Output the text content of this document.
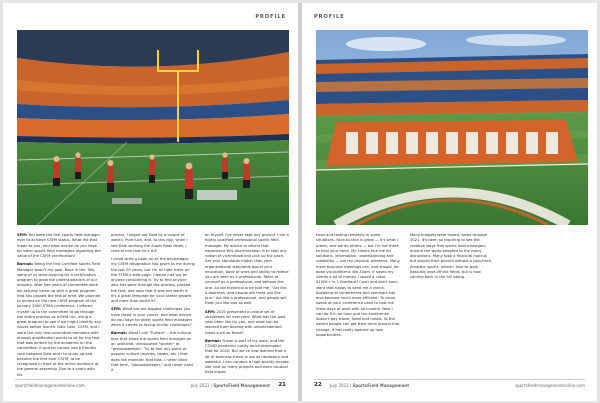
PROFILE

SFM: You were the first sports field manager ever to achieve CSFM status. What did that mean to you, and what advice do you have for other sports field managers regarding the value of the CSFM certification?

Barnak: Being the first Certified Sports Field Manager wasn't my goal. Back in the '90s, some of us were pushing for a certification program to grow the professionalism of our industry. After two years of committee work, we actually came up with a great program that has passed the test of time. We planned to announce the new CSFM program at the January 2000 STMA conference. I offered myself up to the committee to go through the entire process as a field run, using a great program to see if we might identify any issues before launch. Dale Getz, CSFM, and I were the only two committee members with enough qualification points to sit for the test that was written by the academic on the committee. It quickly turned into a friendly race between Dale and I to study up and become the first ever CSFM, to be recognized in front of the entire audience at the general assembly. Due to a snafu with his

proctor, I edged out Dale by a couple of weeks. Pure luck, and, to this day, when I see Dale working the Super Bowl fields, I remind him that he's #2!

I could write a book on all the advantages my CSFM designation has given to me during the last 20 years, but I'm all right there on the STMA's web page. I would just say to anyone considering it: Try to find anyone who has gone through the process, passed the test, and says that it was not worth it. It's a great template for your career growth, and more than worth it!

SFM: What are the biggest challenges you have faced in your career, and what advice do you have for other sports field managers when it comes to facing similar challenges?

Barnak: What I call "Turfism" – the cultural bias that views the sports field manager as an unskilled, uneducated "worker" or "groundskeeper." Try to find any piece of popular culture (movies, books, etc.) that does not maintain that bias. I never liked that term, "groundskeeper," and never used it

on myself. I've never kept any ground. I am a highly qualified professional sports field manager. My advice to others that experience this discrimination is to stop any notion of victimhood and pick up the pace. Set your standards higher than your organizational standards would your education, body of work and ability to relieve you are seen as a professional. Refer to yourself as a professional, and behave like one. An old historical once told me, "Act like a doorman, and people will treat you like one." Act like a professional, and people will treat you like one as well.

SFM: 2020 presented a unique set of challenges for everyone. What has the past year been like for you, and what can be learned from dealing with unprecedented times such as these?

Barnak: Travel is part of my work, and the COVID pandemic pretty much eliminated that for 2020. But we've now learned that a lot of business travel is not as necessary and wasteful. I can conduct a high-quality remote site visit on many projects and even conduct field inspec-

sportsfieldmanagementonline.com	July 2021 | SportsField Management 21
PROFILE

tions and testing remotely in some situations. Face-to-face is great — it's what I prefer, and we do others — but I'm not there to hold your hand. My clients hire me for solutions, information, understanding and credibility — not my physical presence. Many more business meetings can, and should, be done via platforms like Zoom. It saves my clients a lot of money. I saved a client $100K+ in 1 Bradford? Cost) and don't even want that happy to send me a check. Speaking at conferences and seminars has also become much more efficient. To come speak at your conference used to cost me three days of work with no income. Now I can do it in an hour and the conference doesn't pay travel, hotel and meals. To the extent people can get their arms around that change, it has really opened up new opportunities.

Many budgets were frozen, some through 2021. It's been so inspiring to see the creative ways that sports field managers around the world adapted to the many disruptions. Many took a financial haircut, but stayed their ground without a paycheck. Amateur sports, where I love to work, basically kept off the fields, but is now coming back in the full swing.

22 July 2021 | SportsField Management	sportsfieldmanagementonline.com
